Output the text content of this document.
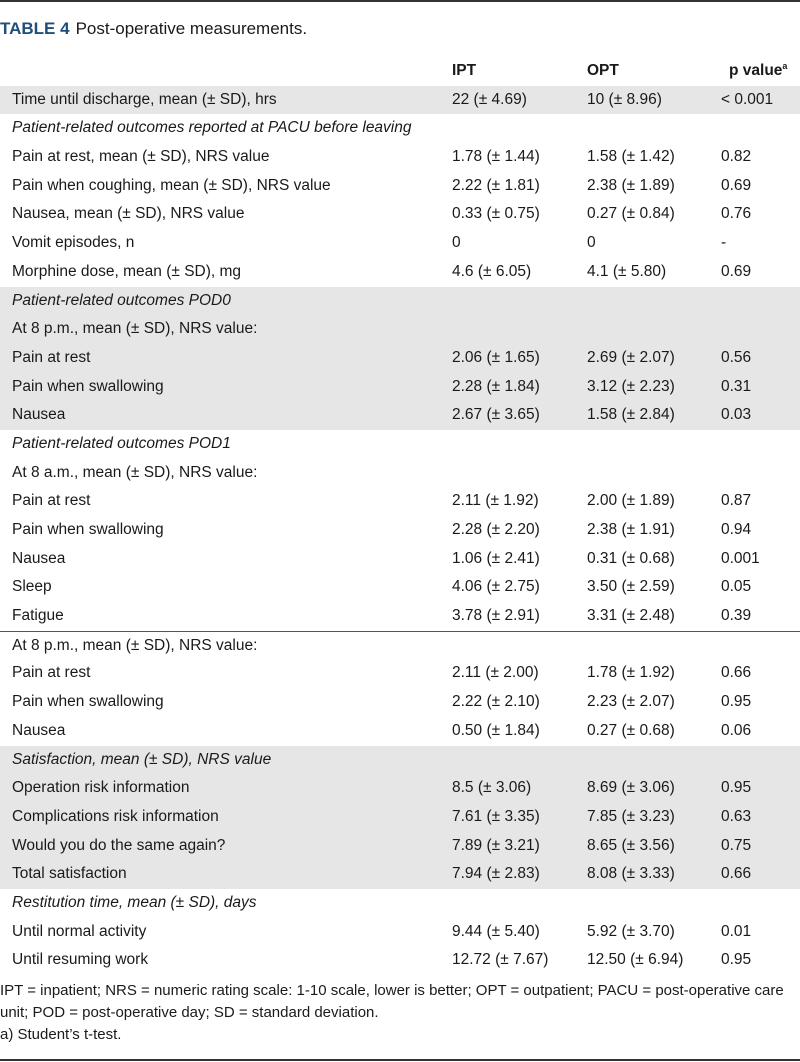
TABLE 4 Post-operative measurements.
IPT	OPT	p value$^a$
Time until discharge, mean (± SD), hrs	22 (± 4.69)	10 (± 8.96)	< 0.001
Patient-related outcomes reported at PACU before leaving
Pain at rest, mean (± SD), NRS value	1.78 (± 1.44)	1.58 (± 1.42)	0.82
Pain when coughing, mean (± SD), NRS value	2.22 (± 1.81)	2.38 (± 1.89)	0.69
Nausea, mean (± SD), NRS value	0.33 (± 0.75)	0.27 (± 0.84)	0.76
Vomit episodes, n	0	0	-
Morphine dose, mean (± SD), mg	4.6 (± 6.05)	4.1 (± 5.80)	0.69
Patient-related outcomes POD0
At 8 p.m., mean (± SD), NRS value:
Pain at rest	2.06 (± 1.65)	2.69 (± 2.07)	0.56
Pain when swallowing	2.28 (± 1.84)	3.12 (± 2.23)	0.31
Nausea	2.67 (± 3.65)	1.58 (± 2.84)	0.03
Patient-related outcomes POD1
At 8 a.m., mean (± SD), NRS value:
Pain at rest	2.11 (± 1.92)	2.00 (± 1.89)	0.87
Pain when swallowing	2.28 (± 2.20)	2.38 (± 1.91)	0.94
Nausea	1.06 (± 2.41)	0.31 (± 0.68)	0.001
Sleep	4.06 (± 2.75)	3.50 (± 2.59)	0.05
Fatigue	3.78 (± 2.91)	3.31 (± 2.48)	0.39
At 8 p.m., mean (± SD), NRS value:
Pain at rest	2.11 (± 2.00)	1.78 (± 1.92)	0.66
Pain when swallowing	2.22 (± 2.10)	2.23 (± 2.07)	0.95
Nausea	0.50 (± 1.84)	0.27 (± 0.68)	0.06
Satisfaction, mean (± SD), NRS value
Operation risk information	8.5 (± 3.06)	8.69 (± 3.06)	0.95
Complications risk information	7.61 (± 3.35)	7.85 (± 3.23)	0.63
Would you do the same again?	7.89 (± 3.21)	8.65 (± 3.56)	0.75
Total satisfaction	7.94 (± 2.83)	8.08 (± 3.33)	0.66
Restitution time, mean (± SD), days
Until normal activity	9.44 (± 5.40)	5.92 (± 3.70)	0.01
Until resuming work	12.72 (± 7.67) 12.50 (± 6.94) 0.95
IPT = inpatient; NRS = numeric rating scale: 1-10 scale, lower is better; OPT = outpatient; PACU = post-operative care unit; POD = post-operative day; SD = standard deviation.
a) Student’s t-test.
